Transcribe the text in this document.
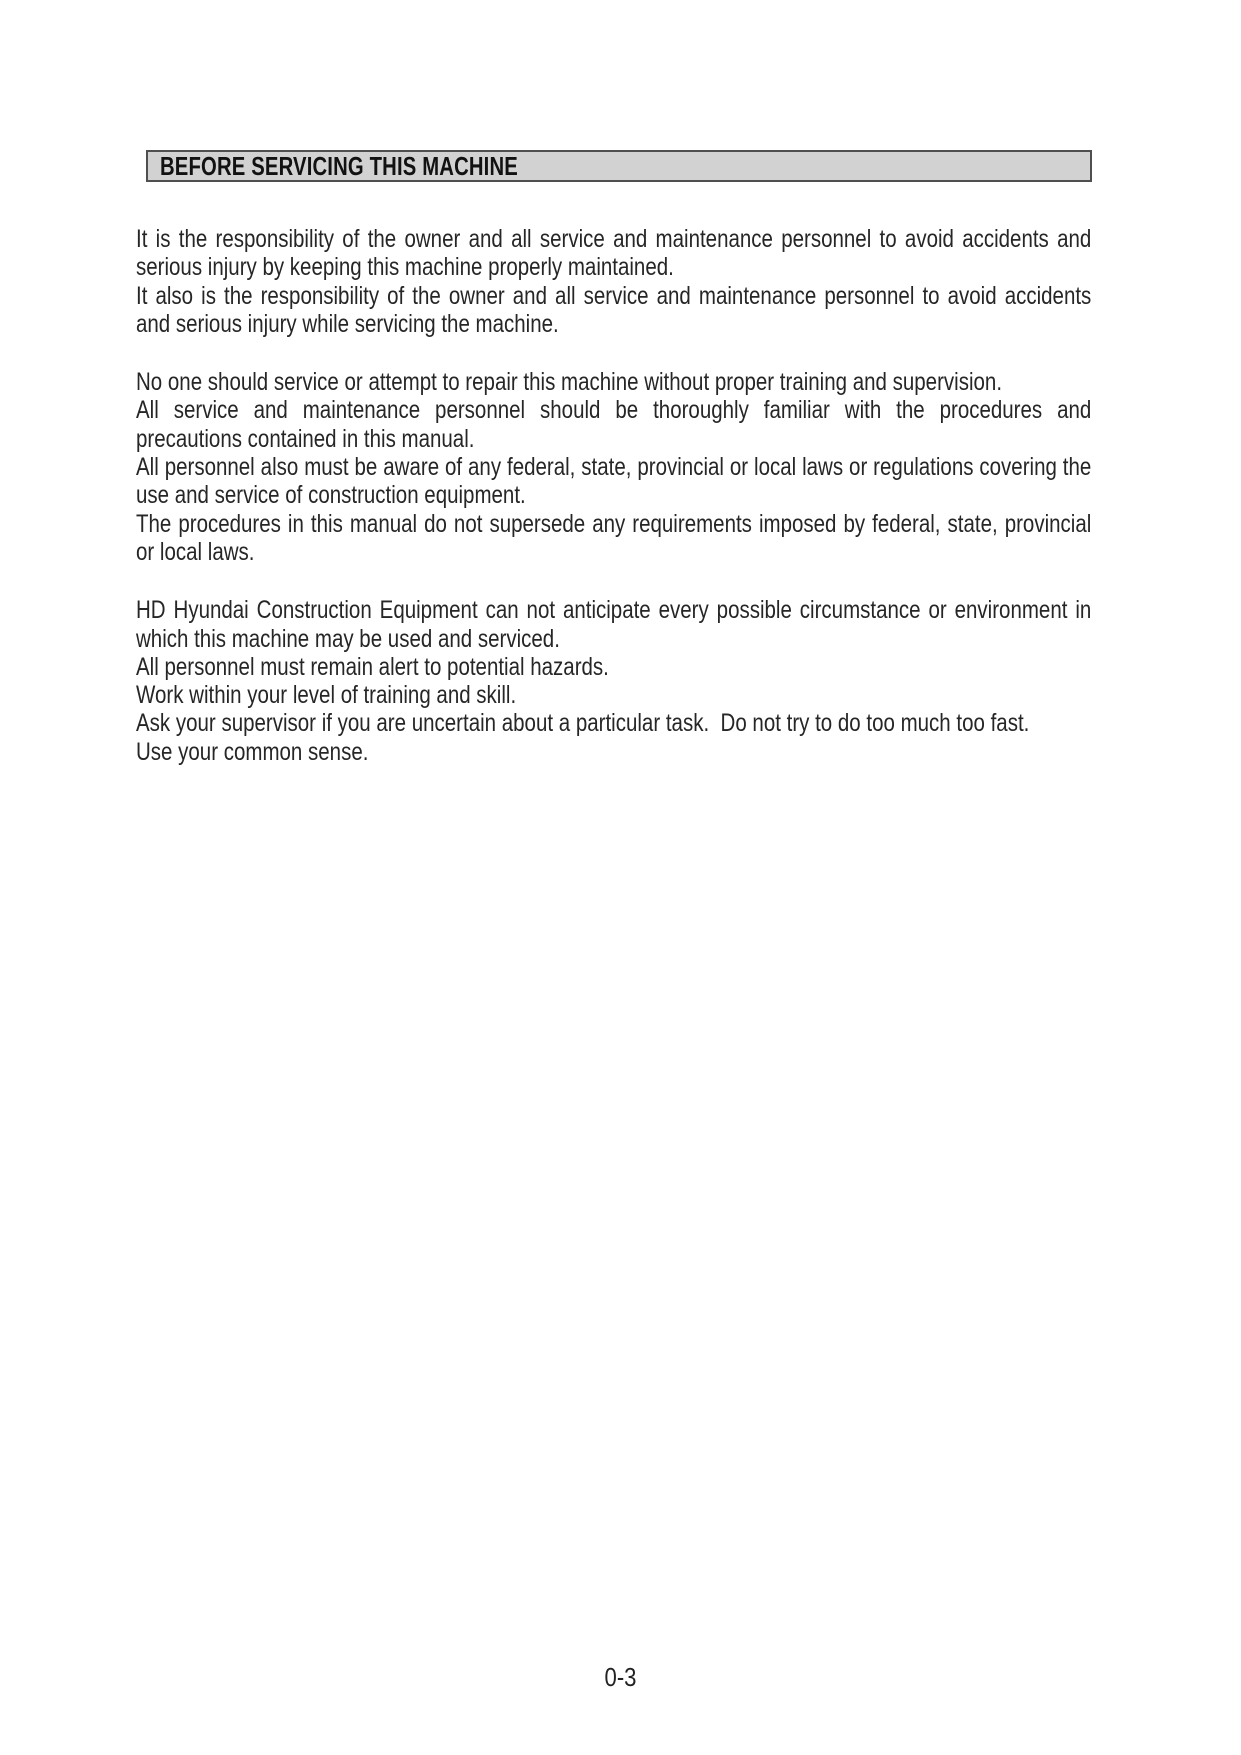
BEFORE SERVICING THIS MACHINE

It is the responsibility of the owner and all service and maintenance personnel to avoid accidents and serious injury by keeping this machine properly maintained.

It also is the responsibility of the owner and all service and maintenance personnel to avoid accidents and serious injury while servicing the machine.

No one should service or attempt to repair this machine without proper training and supervision.

All service and maintenance personnel should be thoroughly familiar with the procedures and precautions contained in this manual.

All personnel also must be aware of any federal, state, provincial or local laws or regulations covering the use and service of construction equipment.

The procedures in this manual do not supersede any requirements imposed by federal, state, provincial or local laws.

HD Hyundai Construction Equipment can not anticipate every possible circumstance or environment in which this machine may be used and serviced.

All personnel must remain alert to potential hazards.

Work within your level of training and skill.

Ask your supervisor if you are uncertain about a particular task.  Do not try to do too much too fast.

Use your common sense.

0-3
